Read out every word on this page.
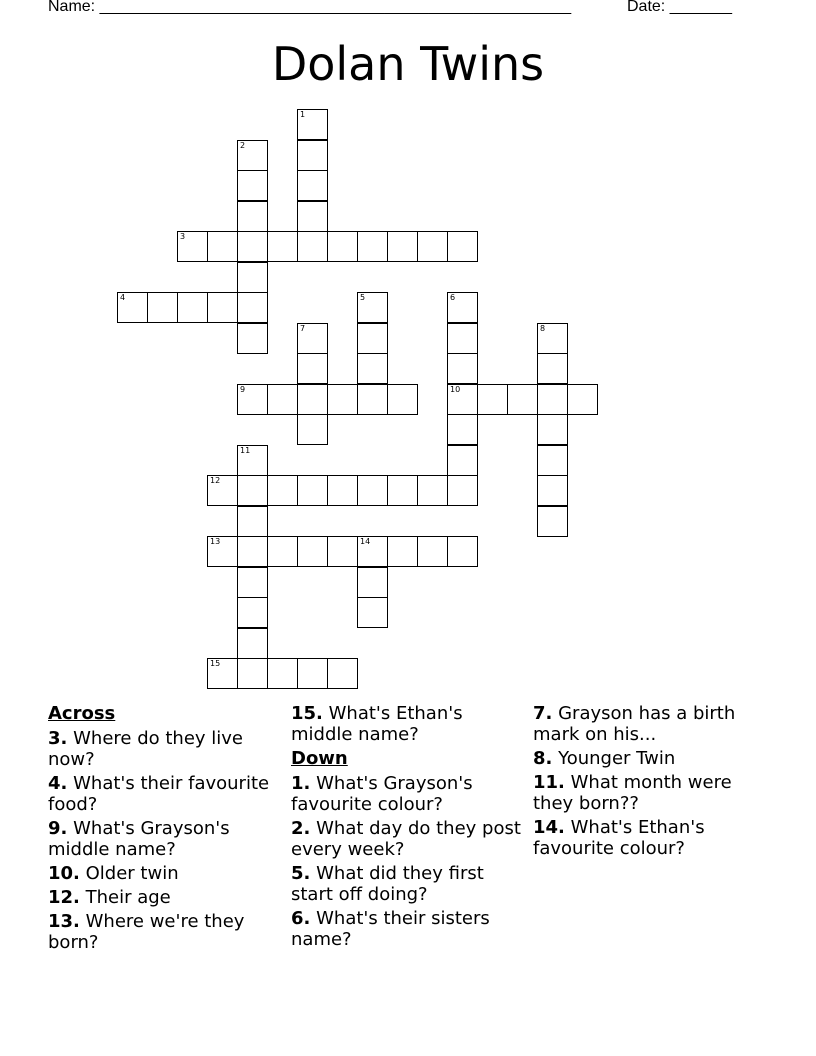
Name: _____________________________________________________	Date: _______
Dolan Twins
1
2
3
4	5	6
10
7	8
9
11
12
13	14
15
Across
3. Where do they live now?
4. What's their favourite food?
9. What's Grayson's middle name?
10. Older twin
12. Their age
13. Where we're they born?
15. What's Ethan's middle name?
Down
1. What's Grayson's favourite colour?
2. What day do they post every week?
5. What did they first start off doing?
6. What's their sisters name?
7. Grayson has a birth mark on his...
8. Younger Twin
11. What month were they born??
14. What's Ethan's favourite colour?
